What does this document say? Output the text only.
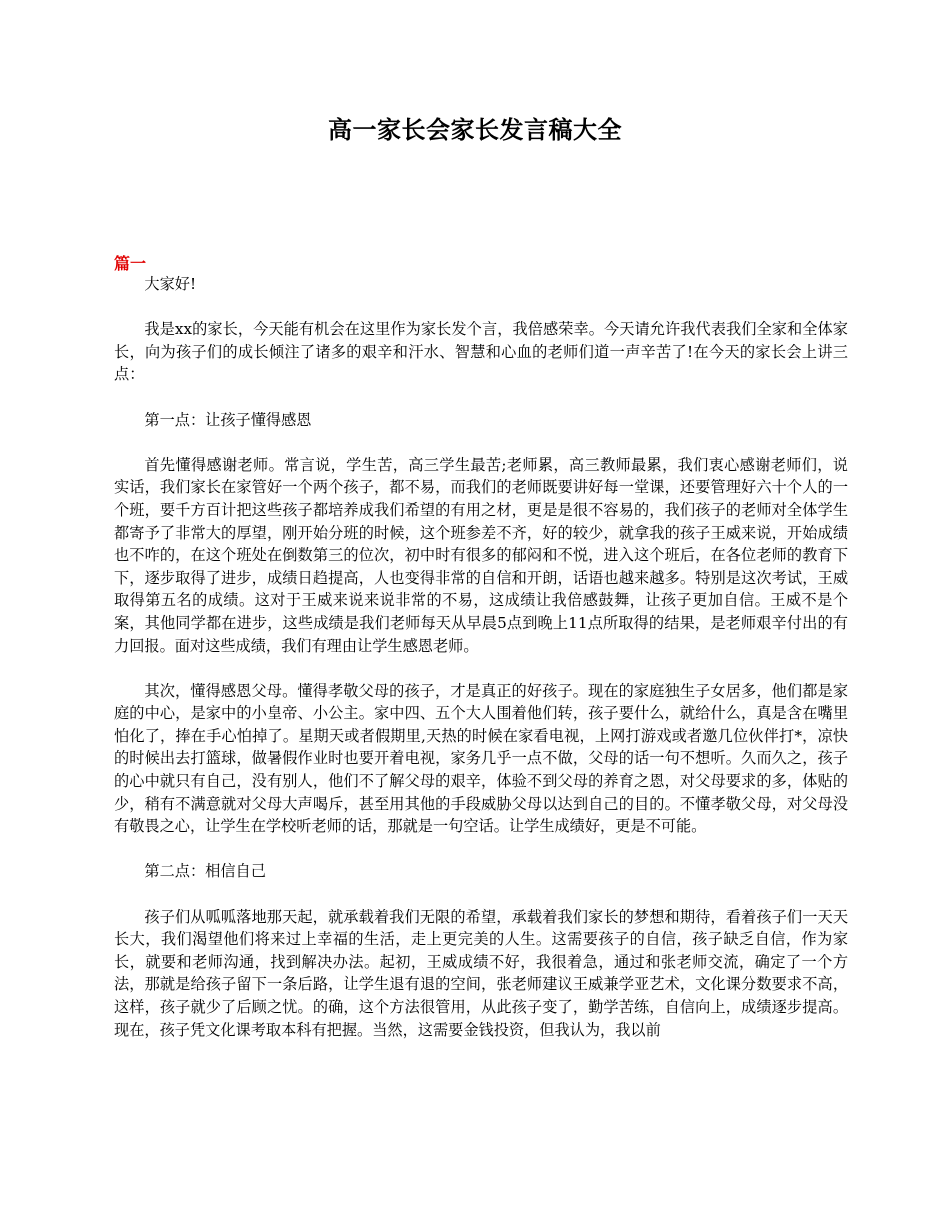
高一家长会家长发言稿大全
篇一

大家好!

我是xx的家长，今天能有机会在这里作为家长发个言，我倍感荣幸。今天请允许我代表我们全家和全体家长，向为孩子们的成长倾注了诸多的艰辛和汗水、智慧和心血的老师们道一声辛苦了!在今天的家长会上讲三点：

第一点：让孩子懂得感恩

首先懂得感谢老师。常言说，学生苦，高三学生最苦;老师累，高三教师最累，我们衷心感谢老师们，说实话，我们家长在家管好一个两个孩子，都不易，而我们的老师既要讲好每一堂课，还要管理好六十个人的一个班，要千方百计把这些孩子都培养成我们希望的有用之材，更是是很不容易的，我们孩子的老师对全体学生都寄予了非常大的厚望，刚开始分班的时候，这个班参差不齐，好的较少，就拿我的孩子王威来说，开始成绩也不咋的，在这个班处在倒数第三的位次，初中时有很多的郁闷和不悦，进入这个班后，在各位老师的教育下下，逐步取得了进步，成绩日趋提高，人也变得非常的自信和开朗，话语也越来越多。特别是这次考试，王威取得第五名的成绩。这对于王威来说来说非常的不易，这成绩让我倍感鼓舞，让孩子更加自信。王威不是个案，其他同学都在进步，这些成绩是我们老师每天从早晨5点到晚上11点所取得的结果，是老师艰辛付出的有力回报。面对这些成绩，我们有理由让学生感恩老师。

其次，懂得感恩父母。懂得孝敬父母的孩子，才是真正的好孩子。现在的家庭独生子女居多，他们都是家庭的中心，是家中的小皇帝、小公主。家中四、五个大人围着他们转，孩子要什么，就给什么，真是含在嘴里怕化了，捧在手心怕掉了。星期天或者假期里,天热的时候在家看电视，上网打游戏或者邀几位伙伴打*，凉快的时候出去打篮球，做暑假作业时也要开着电视，家务几乎一点不做，父母的话一句不想听。久而久之，孩子的心中就只有自己，没有别人，他们不了解父母的艰辛，体验不到父母的养育之恩，对父母要求的多，体贴的少，稍有不满意就对父母大声喝斥，甚至用其他的手段威胁父母以达到自己的目的。不懂孝敬父母，对父母没有敬畏之心，让学生在学校听老师的话，那就是一句空话。让学生成绩好，更是不可能。

第二点：相信自己

孩子们从呱呱落地那天起，就承载着我们无限的希望，承载着我们家长的梦想和期待，看着孩子们一天天长大，我们渴望他们将来过上幸福的生活，走上更完美的人生。这需要孩子的自信，孩子缺乏自信，作为家长，就要和老师沟通，找到解决办法。起初，王威成绩不好，我很着急，通过和张老师交流，确定了一个方法，那就是给孩子留下一条后路，让学生退有退的空间，张老师建议王威兼学亚艺术，文化课分数要求不高，这样，孩子就少了后顾之忧。的确，这个方法很管用，从此孩子变了，勤学苦练，自信向上，成绩逐步提高。现在，孩子凭文化课考取本科有把握。当然，这需要金钱投资，但我认为，我以前
